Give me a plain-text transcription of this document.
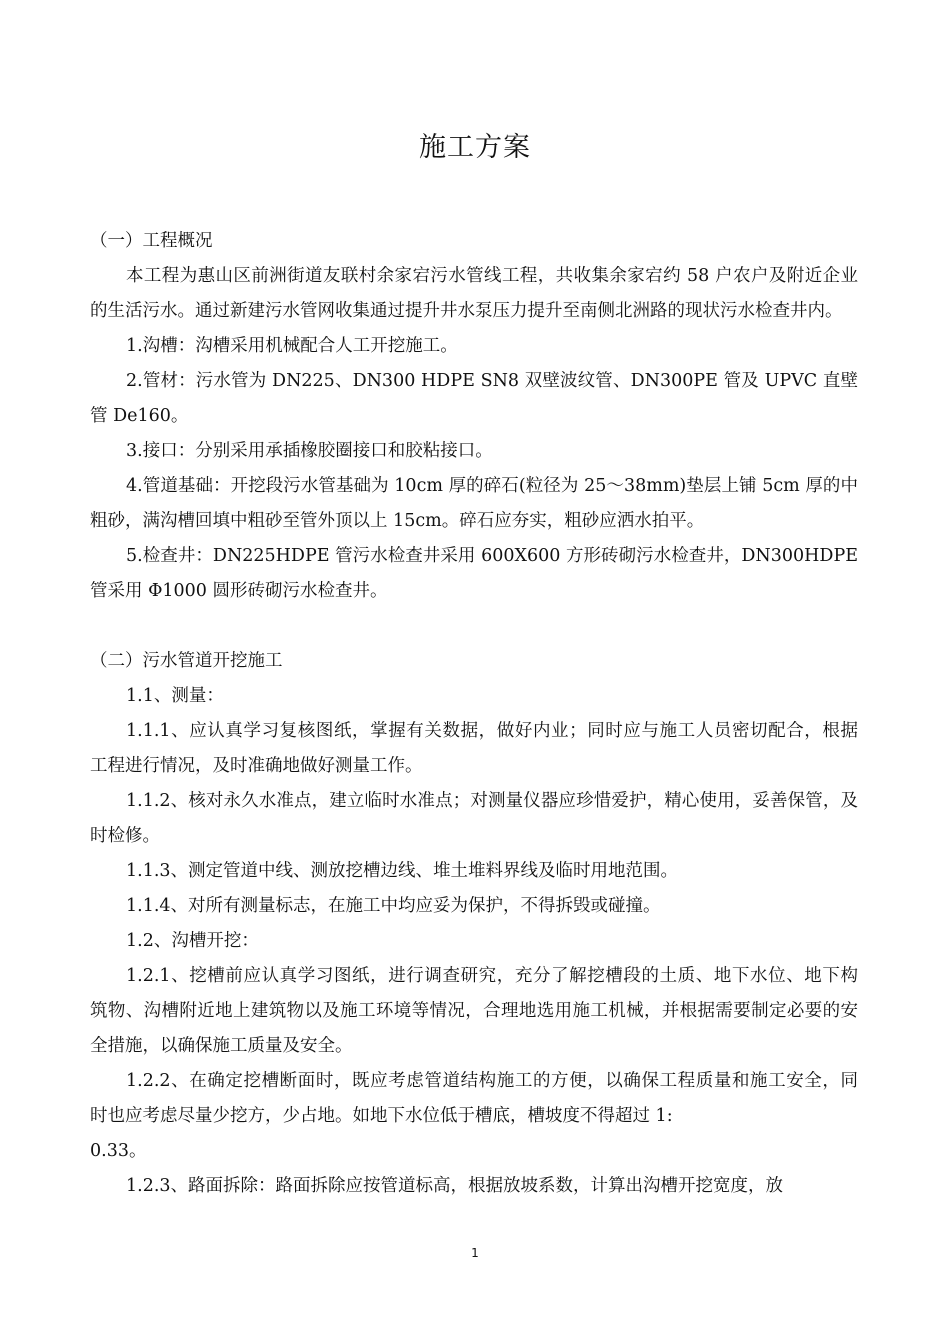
施工方案

（一）工程概况

本工程为惠山区前洲街道友联村余家宕污水管线工程，共收集余家宕约 58 户农户及附近企业的生活污水。通过新建污水管网收集通过提升井水泵压力提升至南侧北洲路的现状污水检查井内。

1.沟槽：沟槽采用机械配合人工开挖施工。

2.管材：污水管为 DN225、DN300 HDPE SN8 双壁波纹管、DN300PE 管及 UPVC 直壁管 De160。

3.接口：分别采用承插橡胶圈接口和胶粘接口。

4.管道基础：开挖段污水管基础为 10cm 厚的碎石(粒径为 25～38mm)垫层上铺 5cm 厚的中粗砂，满沟槽回填中粗砂至管外顶以上 15cm。碎石应夯实，粗砂应洒水拍平。

5.检查井：DN225HDPE 管污水检查井采用 600X600 方形砖砌污水检查井，DN300HDPE 管采用 Φ1000 圆形砖砌污水检查井。

（二）污水管道开挖施工

1.1、测量：

1.1.1、应认真学习复核图纸，掌握有关数据，做好内业；同时应与施工人员密切配合，根据 工程进行情况，及时准确地做好测量工作。

1.1.2、核对永久水准点，建立临时水准点；对测量仪器应珍惜爱护，精心使用，妥善保管，及时检修。

1.1.3、测定管道中线、测放挖槽边线、堆土堆料界线及临时用地范围。

1.1.4、对所有测量标志，在施工中均应妥为保护，不得拆毁或碰撞。

1.2、沟槽开挖：

1.2.1、挖槽前应认真学习图纸，进行调查研究，充分了解挖槽段的土质、地下水位、地下构 筑物、沟槽附近地上建筑物以及施工环境等情况，合理地选用施工机械，并根据需要制定必要的安全措施，以确保施工质量及安全。

1.2.2、在确定挖槽断面时，既应考虑管道结构施工的方便，以确保工程质量和施工安全，同 时也应考虑尽量少挖方，少占地。如地下水位低于槽底，槽坡度不得超过 1:

0.33。

1.2.3、路面拆除：路面拆除应按管道标高，根据放坡系数，计算出沟槽开挖宽度，放

1
